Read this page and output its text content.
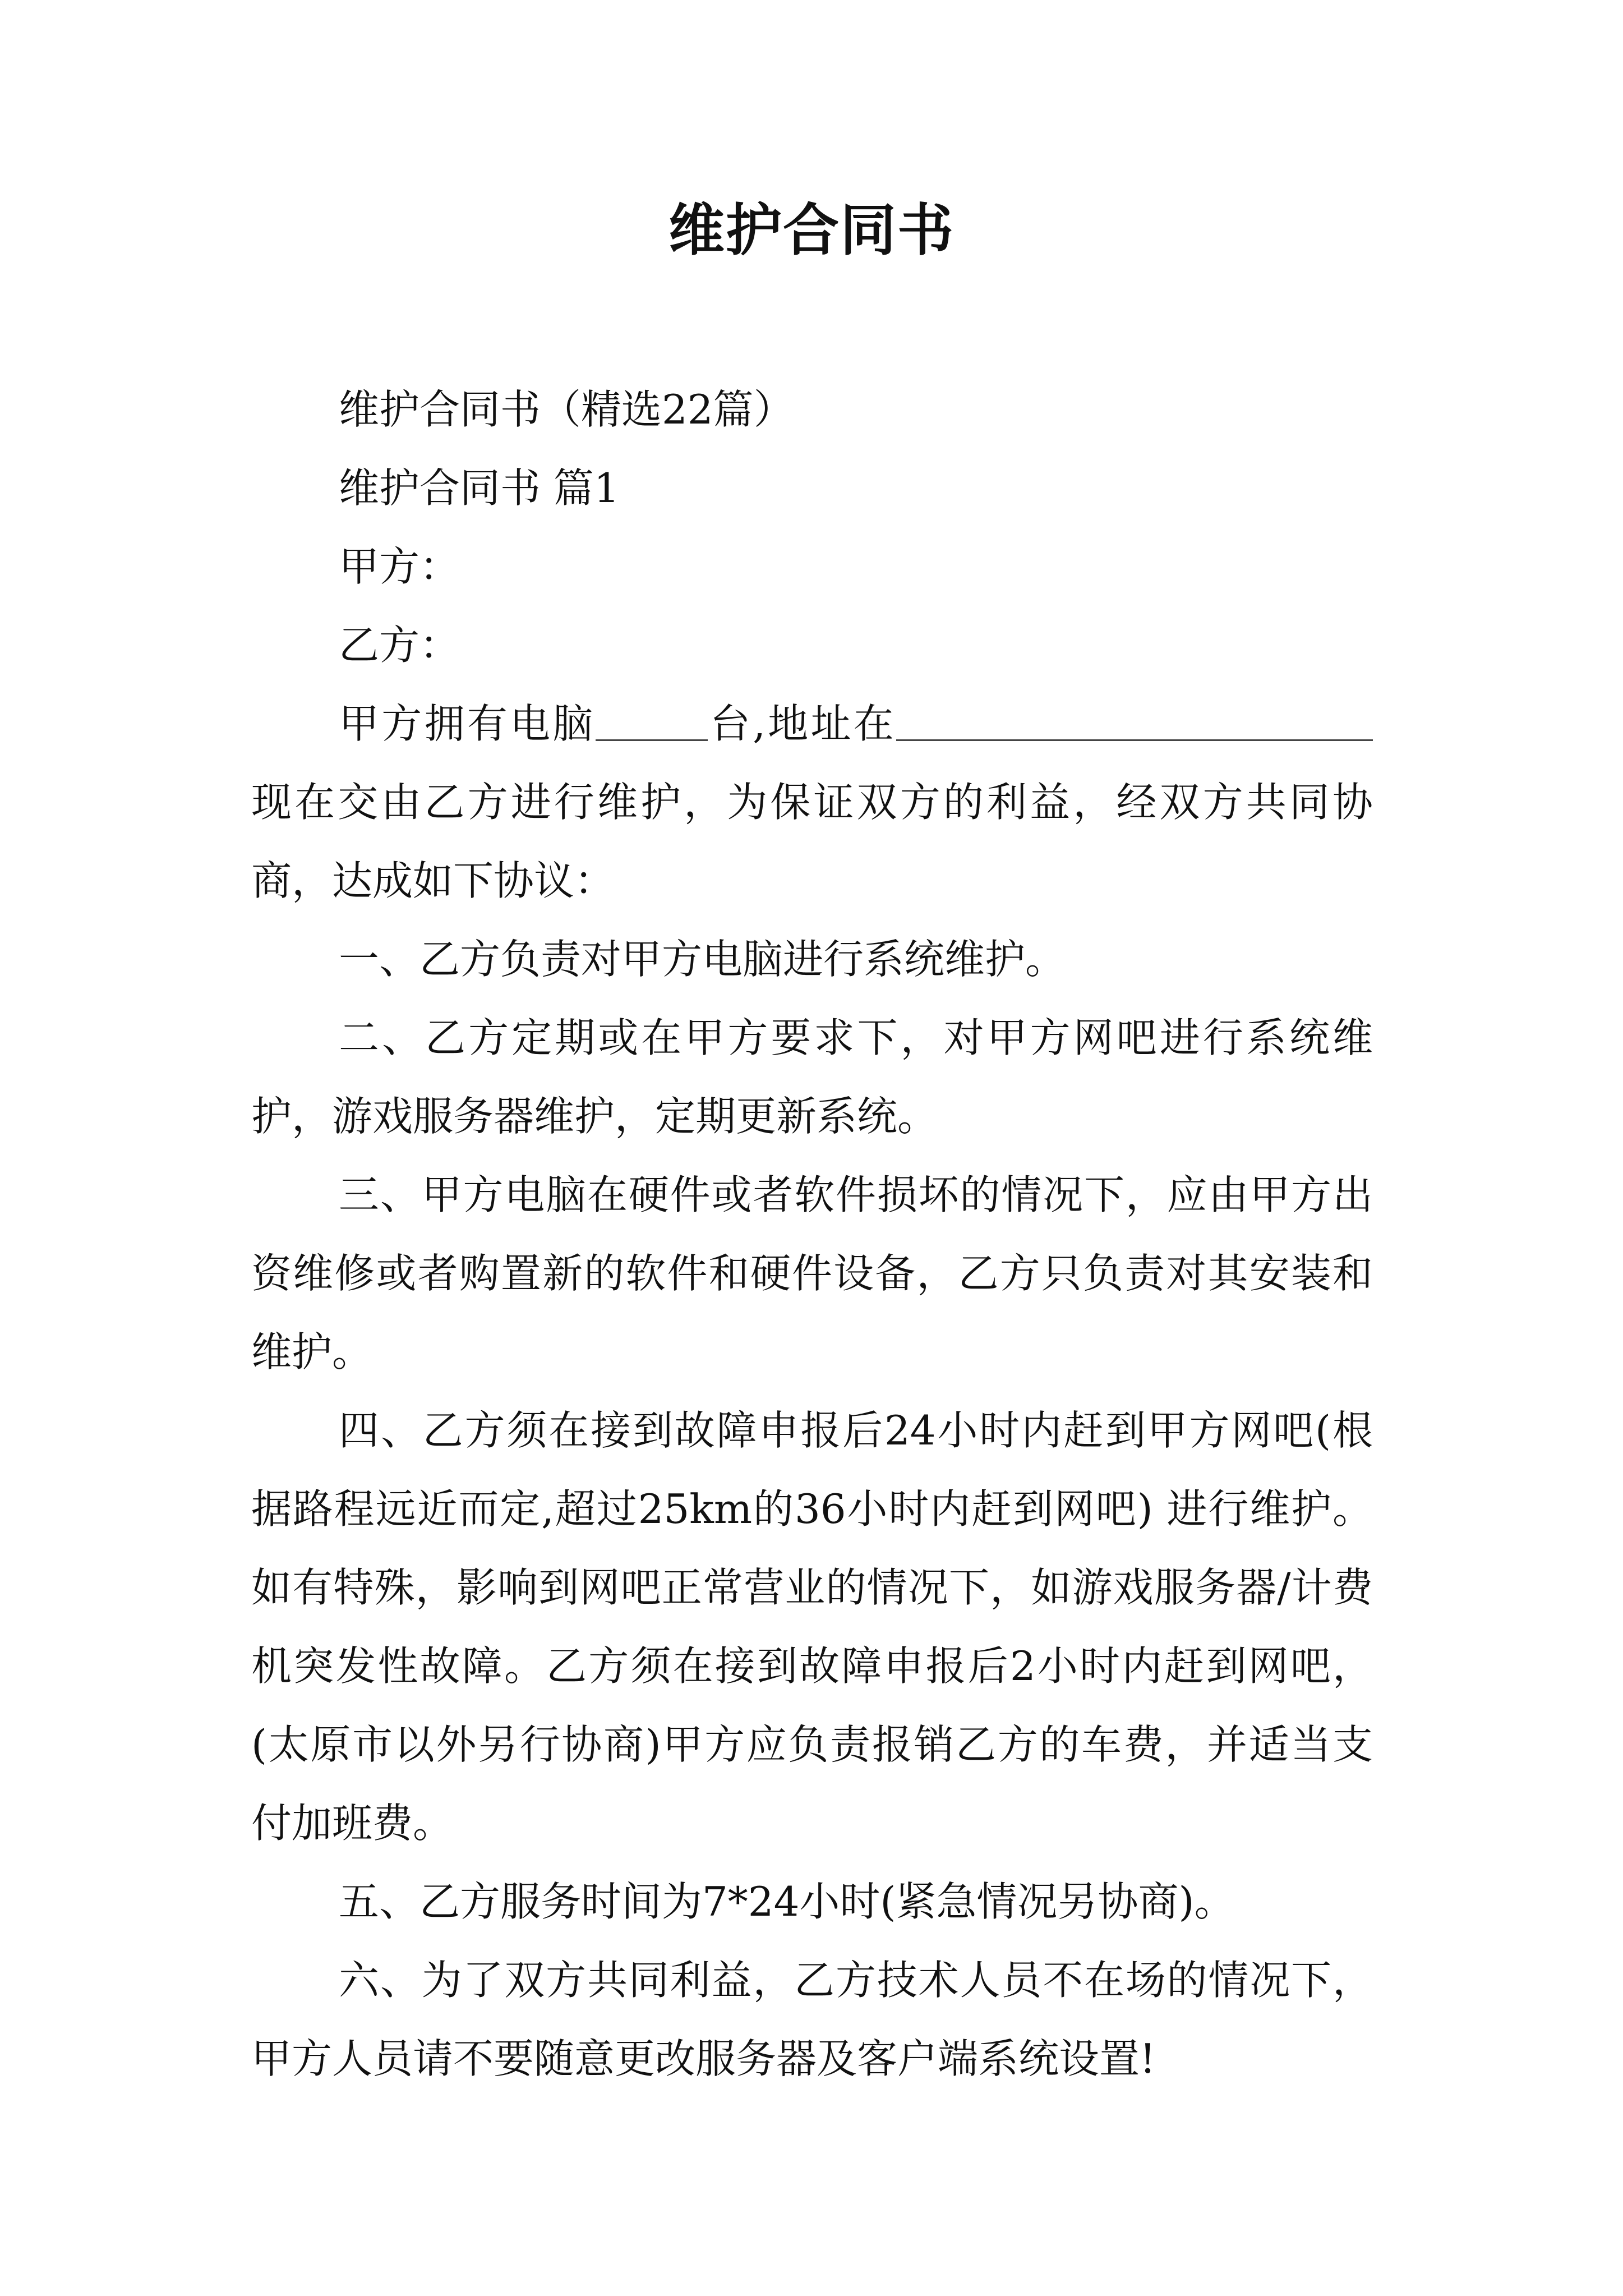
维护合同书

维护合同书（精选22篇）

维护合同书 篇1

甲方：

乙方：

甲方拥有电脑	台,地址在现在交由乙方进行维护，为保证双方的利益，经双方共同协商，达成如下协议：

一、乙方负责对甲方电脑进行系统维护。

二、乙方定期或在甲方要求下，对甲方网吧进行系统维护，游戏服务器维护，定期更新系统。

三、甲方电脑在硬件或者软件损坏的情况下，应由甲方出资维修或者购置新的软件和硬件设备，乙方只负责对其安装和维护。

四、乙方须在接到故障申报后24小时内赶到甲方网吧(根据路程远近而定,超过25km的36小时内赶到网吧) 进行维护。如有特殊，影响到网吧正常营业的情况下，如游戏服务器/计费机突发性故障。乙方须在接到故障申报后2小时内赶到网吧，(太原市以外另行协商)甲方应负责报销乙方的车费，并适当支付加班费。

五、乙方服务时间为7*24小时(紧急情况另协商)。

六、为了双方共同利益，乙方技术人员不在场的情况下，甲方人员请不要随意更改服务器及客户端系统设置!
